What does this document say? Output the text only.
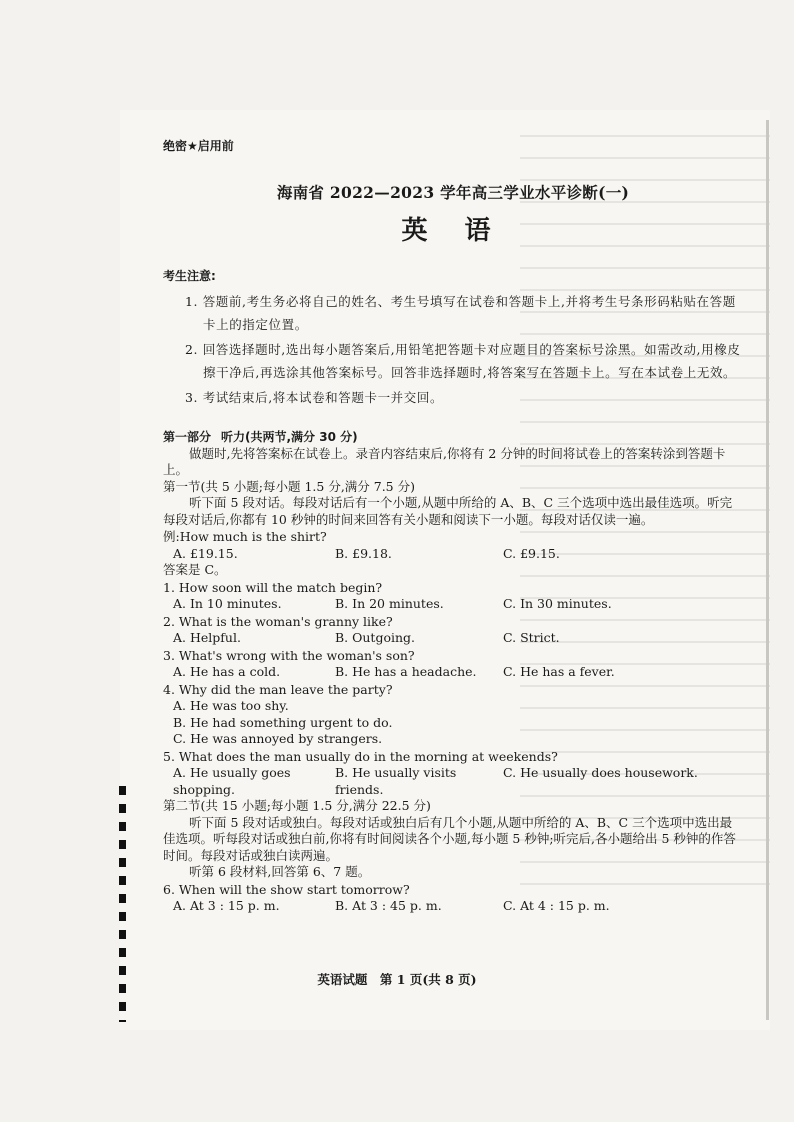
绝密★启用前
海南省 2022—2023 学年高三学业水平诊断(一)
英 语
考生注意:
1. 答题前,考生务必将自己的姓名、考生号填写在试卷和答题卡上,并将考生号条形码粘贴在答题卡上的指定位置。
2. 回答选择题时,选出每小题答案后,用铅笔把答题卡对应题目的答案标号涂黑。如需改动,用橡皮擦干净后,再选涂其他答案标号。回答非选择题时,将答案写在答题卡上。写在本试卷上无效。
3. 考试结束后,将本试卷和答题卡一并交回。
第一部分 听力(共两节,满分 30 分)
做题时,先将答案标在试卷上。录音内容结束后,你将有 2 分钟的时间将试卷上的答案转涂到答题卡上。
第一节(共 5 小题;每小题 1.5 分,满分 7.5 分)
听下面 5 段对话。每段对话后有一个小题,从题中所给的 A、B、C 三个选项中选出最佳选项。听完每段对话后,你都有 10 秒钟的时间来回答有关小题和阅读下一小题。每段对话仅读一遍。
例:How much is the shirt?
A. £19.15.	B. £9.18.	C. £9.15.
答案是 C。
1. How soon will the match begin?
A. In 10 minutes.	B. In 20 minutes.	C. In 30 minutes.
2. What is the woman's granny like?
A. Helpful.	B. Outgoing.	C. Strict.
3. What's wrong with the woman's son?
A. He has a cold.	B. He has a headache.	C. He has a fever.
4. Why did the man leave the party?
A. He was too shy.
B. He had something urgent to do.
C. He was annoyed by strangers.
5. What does the man usually do in the morning at weekends?
A. He usually goes shopping.
B. He usually visits friends.
C. He usually does housework.
第二节(共 15 小题;每小题 1.5 分,满分 22.5 分)
听下面 5 段对话或独白。每段对话或独白后有几个小题,从题中所给的 A、B、C 三个选项中选出最佳选项。听每段对话或独白前,你将有时间阅读各个小题,每小题 5 秒钟;听完后,各小题给出 5 秒钟的作答时间。每段对话或独白读两遍。
听第 6 段材料,回答第 6、7 题。
6. When will the show start tomorrow?
A. At 3 : 15 p. m.	B. At 3 : 45 p. m.	C. At 4 : 15 p. m.
英语试题　第 1 页(共 8 页)
